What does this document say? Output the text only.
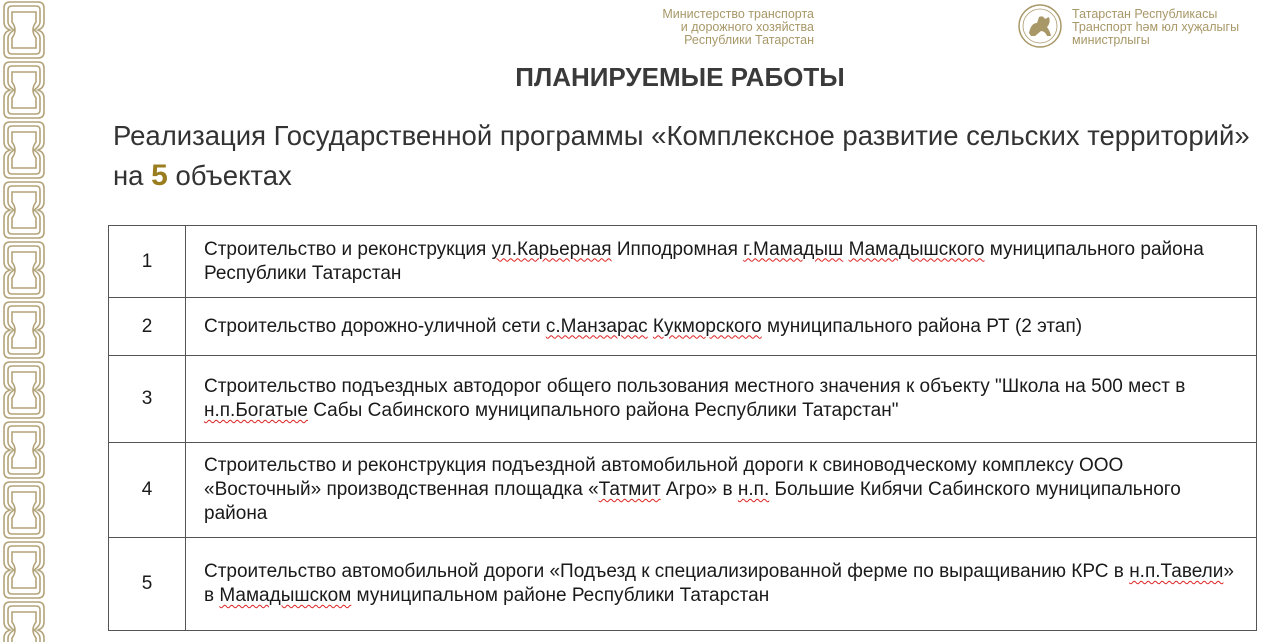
Министерство транспорта
и дорожного хозяйства
Республики Татарстан
Татарстан Республикасы
Транспорт һәм юл хуҗалыгы
министрлыгы
ПЛАНИРУЕМЫЕ РАБОТЫ
Реализация Государственной программы «Комплексное развитие сельских территорий» на 5 объектах
1	Строительство и реконструкция ул.Карьерная Ипподромная г.Мамадыш Мамадышского муниципального района Республики Татарстан
2	Строительство дорожно-уличной сети с.Манзарас Кукморского муниципального района РТ (2 этап)
3	Строительство подъездных автодорог общего пользования местного значения к объекту "Школа на 500 мест в н.п.Богатые Сабы Сабинского муниципального района Республики Татарстан"
4	Строительство и реконструкция подъездной автомобильной дороги к свиноводческому комплексу ООО «Восточный» производственная площадка «Татмит Агро» в н.п. Большие Кибячи Сабинского муниципального района
5	Строительство автомобильной дороги «Подъезд к специализированной ферме по выращиванию КРС в н.п.Тавели» в Мамадышском муниципальном районе Республики Татарстан
